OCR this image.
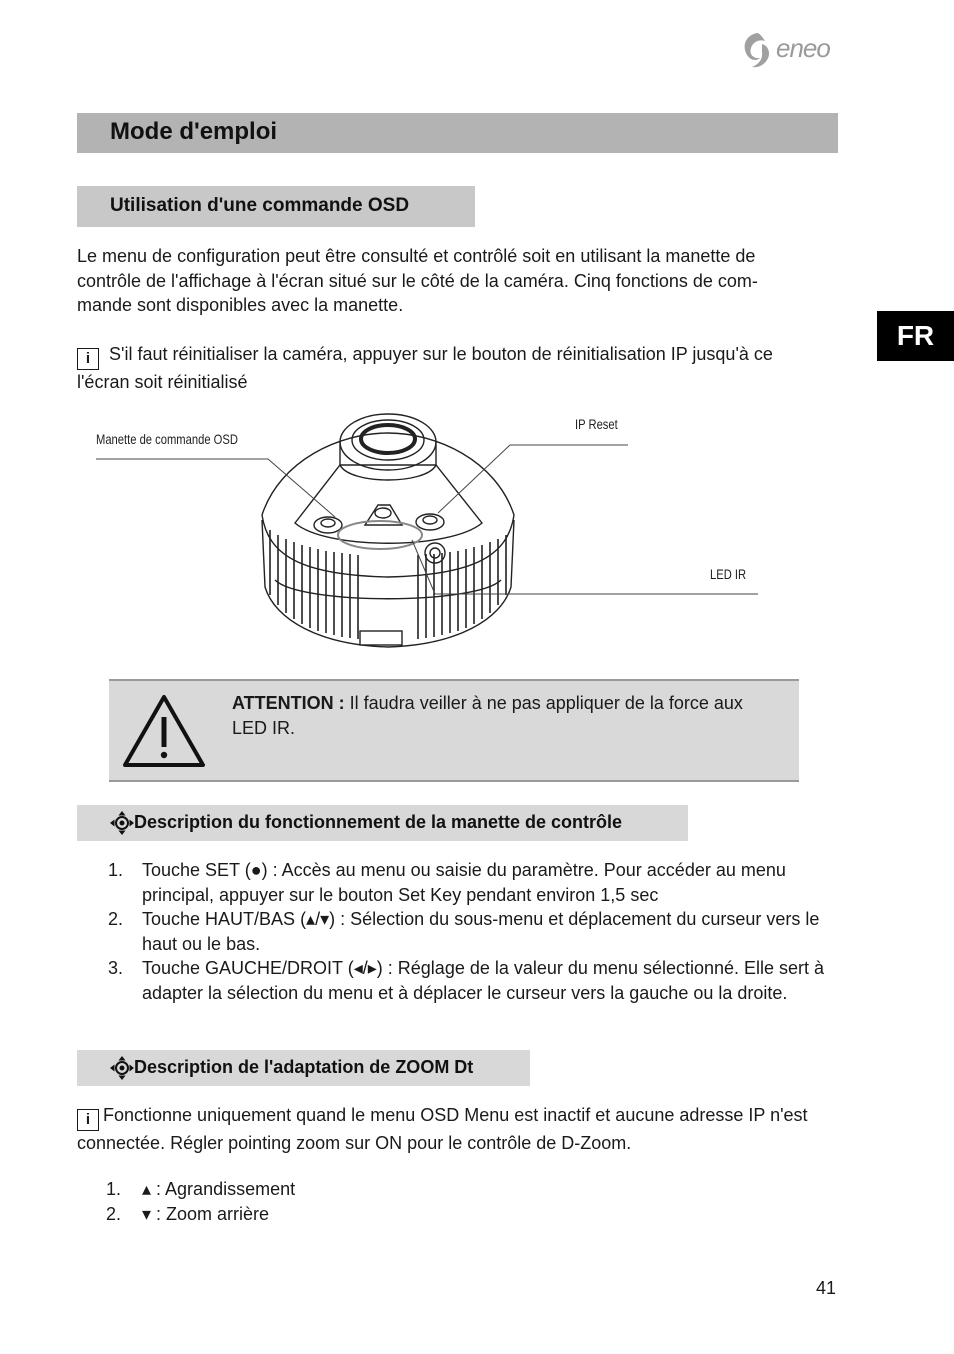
eneo
FR
Mode d'emploi
Utilisation d'une commande OSD
Le menu de configuration peut être consulté et contrôlé soit en utilisant la manette de contrôle de l'affichage à l'écran situé sur le côté de la caméra. Cinq fonctions de com- mande sont disponibles avec la manette.
i S'il faut réinitialiser la caméra, appuyer sur le bouton de réinitialisation IP jusqu'à ce l'écran soit réinitialisé
Manette de commande OSD
IP Reset
LED IR
ATTENTION : Il faudra veiller à ne pas appliquer de la force aux LED IR.
Description du fonctionnement de la manette de contrôle
1.	Touche SET (●) : Accès au menu ou saisie du paramètre. Pour accéder au menu principal, appuyer sur le bouton Set Key pendant environ 1,5 sec
2.	Touche HAUT/BAS (▴/▾) : Sélection du sous-menu et déplacement du curseur vers le haut ou le bas.
3.	Touche GAUCHE/DROIT (◂/▸) : Réglage de la valeur du menu sélectionné. Elle sert à adapter la sélection du menu et à déplacer le curseur vers la gauche ou la droite.
Description de l'adaptation de ZOOM Dt
i Fonctionne uniquement quand le menu OSD Menu est inactif et aucune adresse IP n'est connectée. Régler pointing zoom sur ON pour le contrôle de D-Zoom.
1.	▴ : Agrandissement
2.	▾ : Zoom arrière
41
